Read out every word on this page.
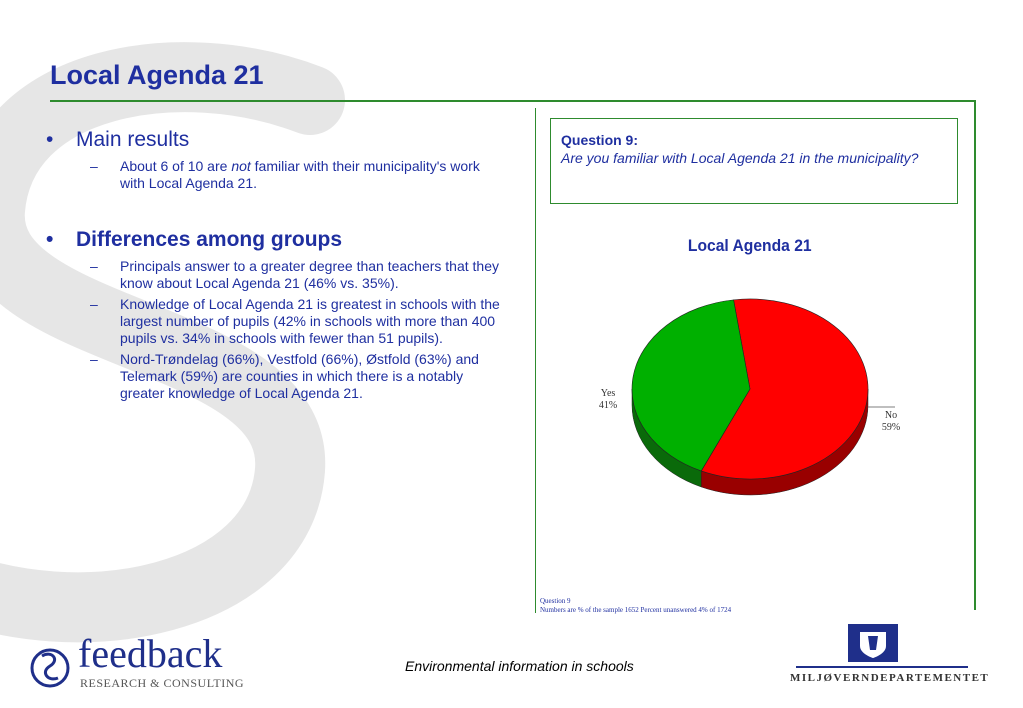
Local Agenda 21
•	Main results
–	About 6 of 10 are not familiar with their municipality's work with Local Agenda 21.
•	Differences among groups
–	Principals answer to a greater degree than teachers that they know about Local Agenda 21 (46% vs. 35%).
–	Knowledge of Local Agenda 21 is greatest in schools with the largest number of pupils (42% in schools with more than 400 pupils vs. 34% in schools with fewer than 51 pupils).
–	Nord-Trøndelag (66%), Vestfold (66%), Østfold (63%) and Telemark (59%) are counties in which there is a notably greater knowledge of Local Agenda 21.
Question 9:
Are you familiar with Local Agenda 21 in the municipality?
Local Agenda 21
Yes
41%
No
59%
Question 9
Numbers are % of the sample 1652 Percent unanswered 4% of 1724
feedback
RESEARCH & CONSULTING
Environmental information in schools
MILJØVERNDEPARTEMENTET
